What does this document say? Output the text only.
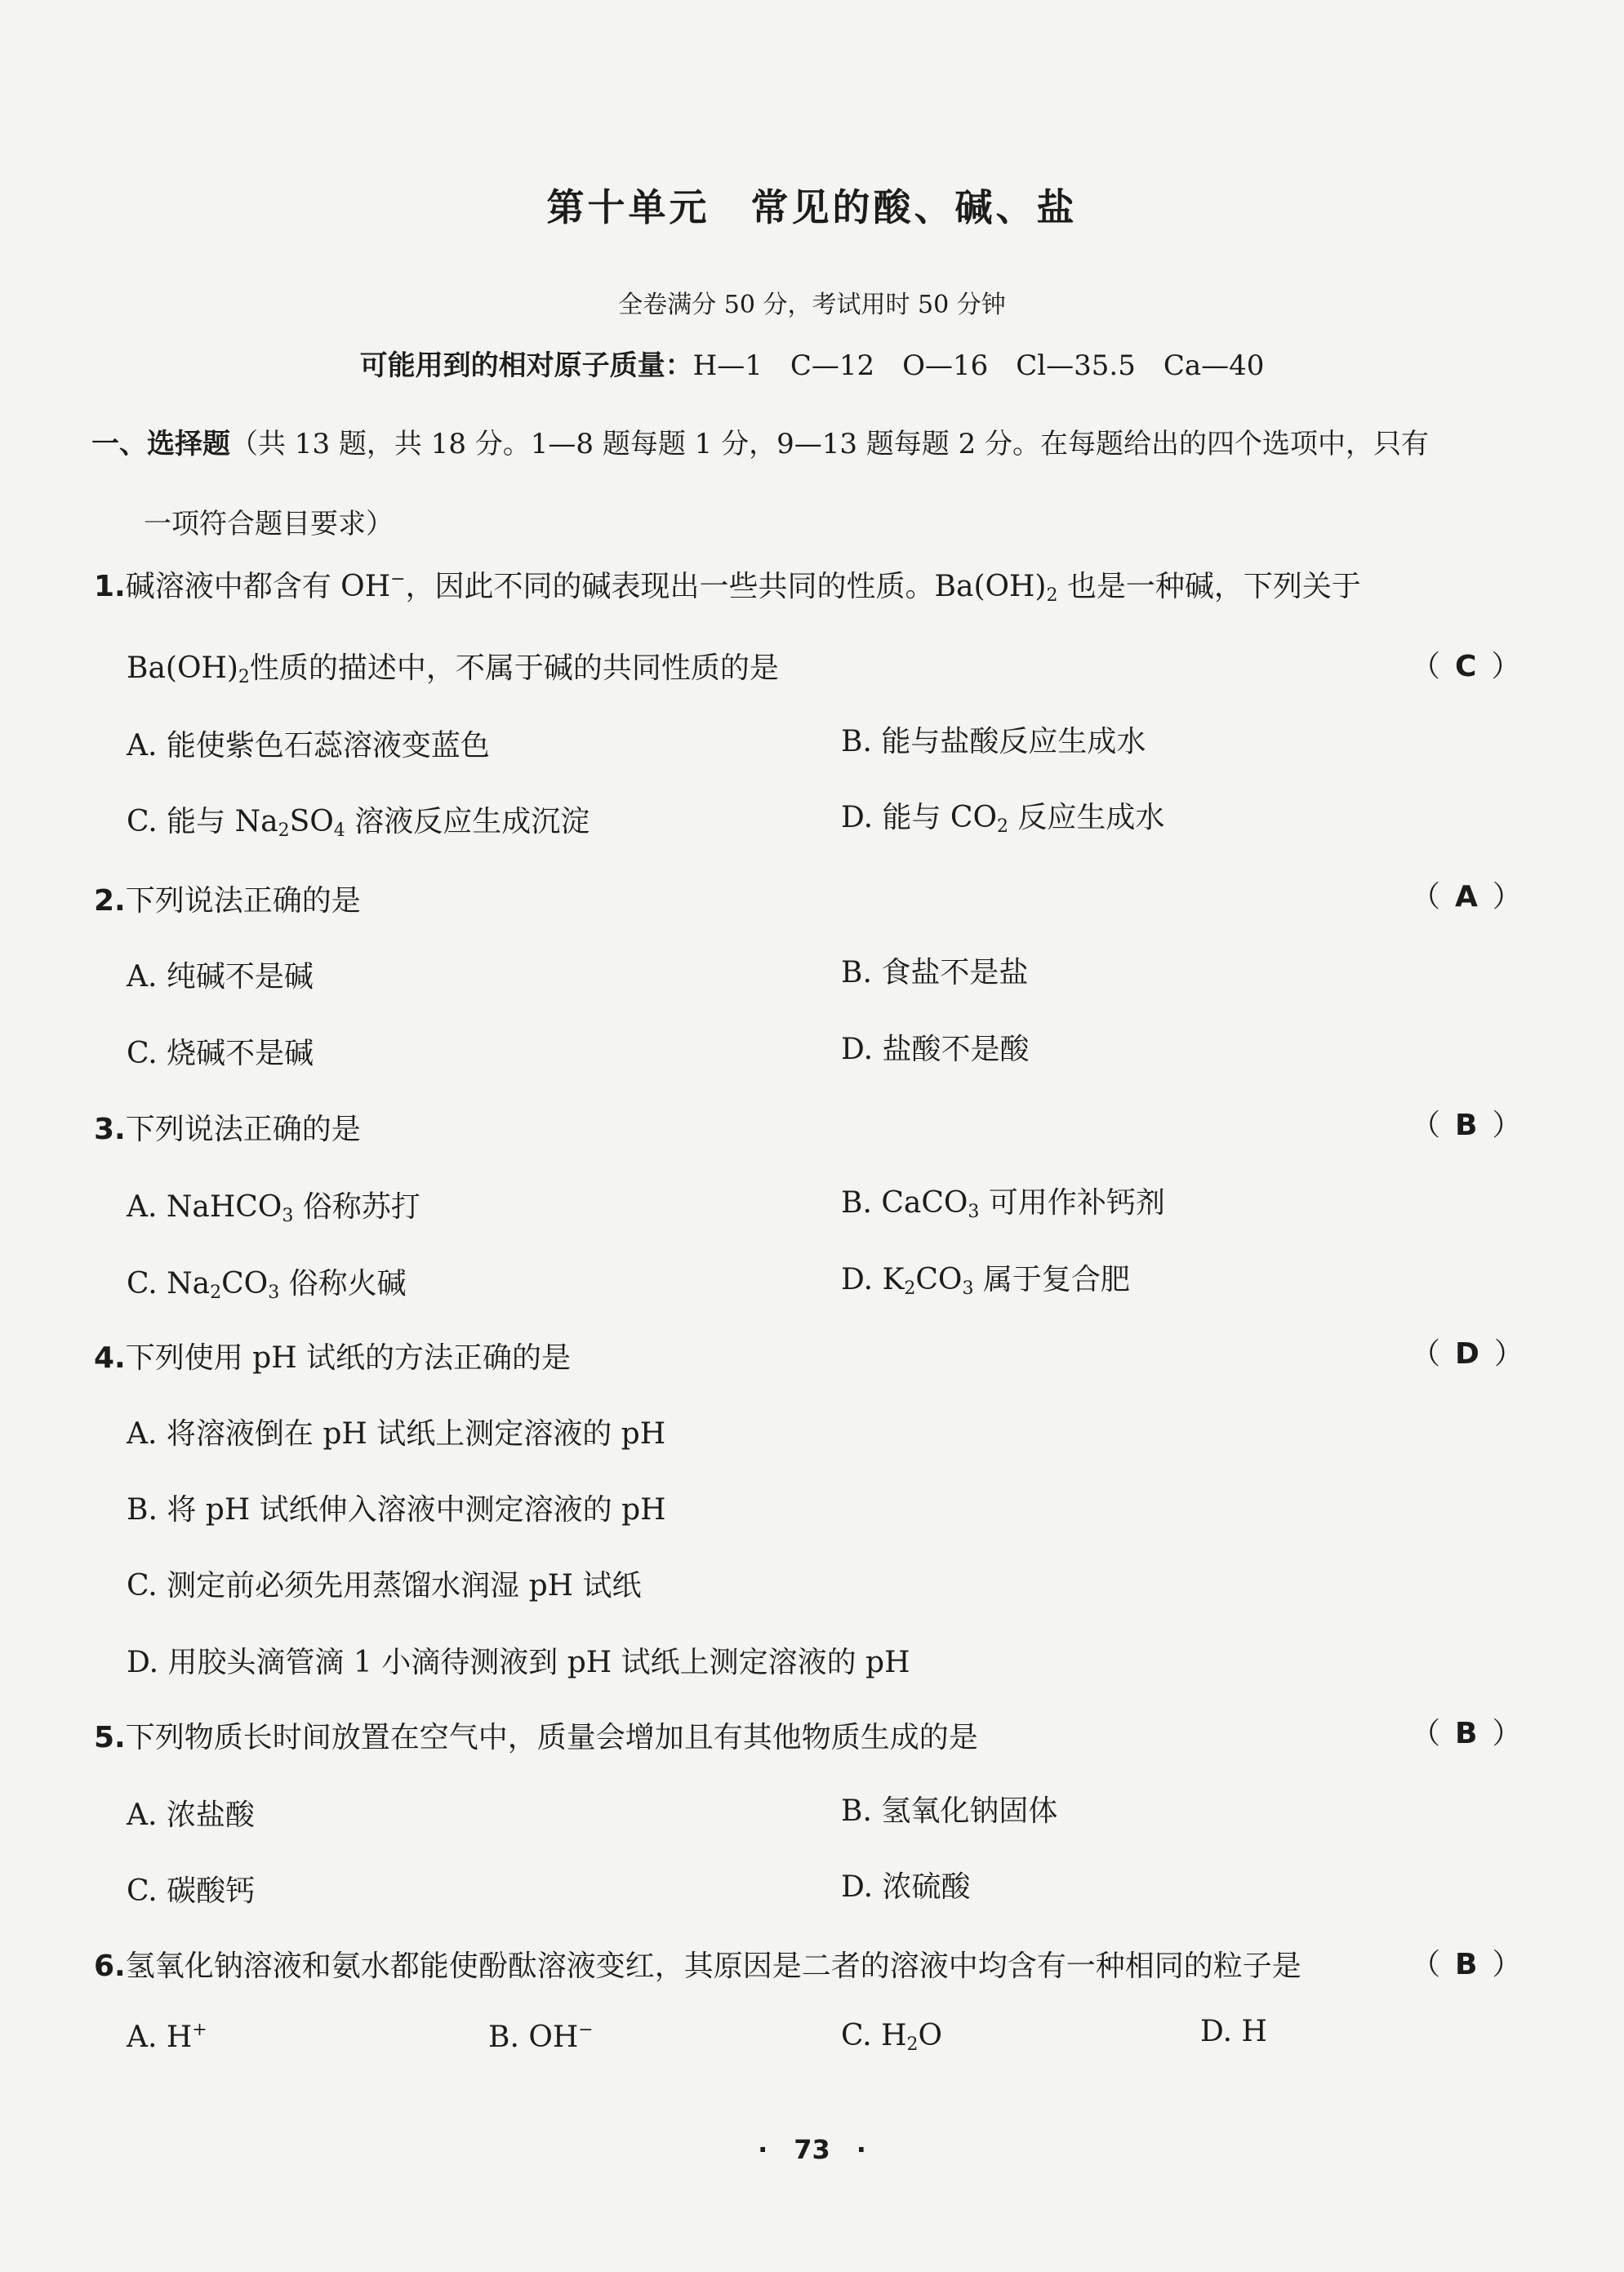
第十单元　常见的酸、碱、盐
全卷满分 50 分，考试用时 50 分钟
可能用到的相对原子质量：H—1　C—12　O—16　Cl—35.5　Ca—40
一、选择题（共 13 题，共 18 分。1—8 题每题 1 分，9—13 题每题 2 分。在每题给出的四个选项中，只有
一项符合题目要求）
1.碱溶液中都含有 OH−，因此不同的碱表现出一些共同的性质。$Ba(OH)_2$ 也是一种碱，下列关于
$Ba(OH)_2$性质的描述中，不属于碱的共同性质的是	（ C ）
A. 能使紫色石蕊溶液变蓝色	B. 能与盐酸反应生成水
C. 能与 $Na_2SO_4$ 溶液反应生成沉淀	D. 能与 $CO_2$ 反应生成水
2.下列说法正确的是	（ A ）
A. 纯碱不是碱	B. 食盐不是盐
C. 烧碱不是碱	D. 盐酸不是酸
3.下列说法正确的是	（ B ）
A. NaHCO$_3$ 俗称苏打	B. CaCO$_3$ 可用作补钙剂
C. $Na_2CO_3$ 俗称火碱	D. $K_2CO_3$ 属于复合肥
4.下列使用 pH 试纸的方法正确的是	（ D ）
A. 将溶液倒在 pH 试纸上测定溶液的 pH
B. 将 pH 试纸伸入溶液中测定溶液的 pH
C. 测定前必须先用蒸馏水润湿 pH 试纸
D. 用胶头滴管滴 1 小滴待测液到 pH 试纸上测定溶液的 pH
5.下列物质长时间放置在空气中，质量会增加且有其他物质生成的是	（ B ）
A. 浓盐酸	B. 氢氧化钠固体
C. 碳酸钙	D. 浓硫酸
6.氢氧化钠溶液和氨水都能使酚酞溶液变红，其原因是二者的溶液中均含有一种相同的粒子是	（ B ）
A. H+	B. OH−	C. $H_2O$	D. H
·　73　·
